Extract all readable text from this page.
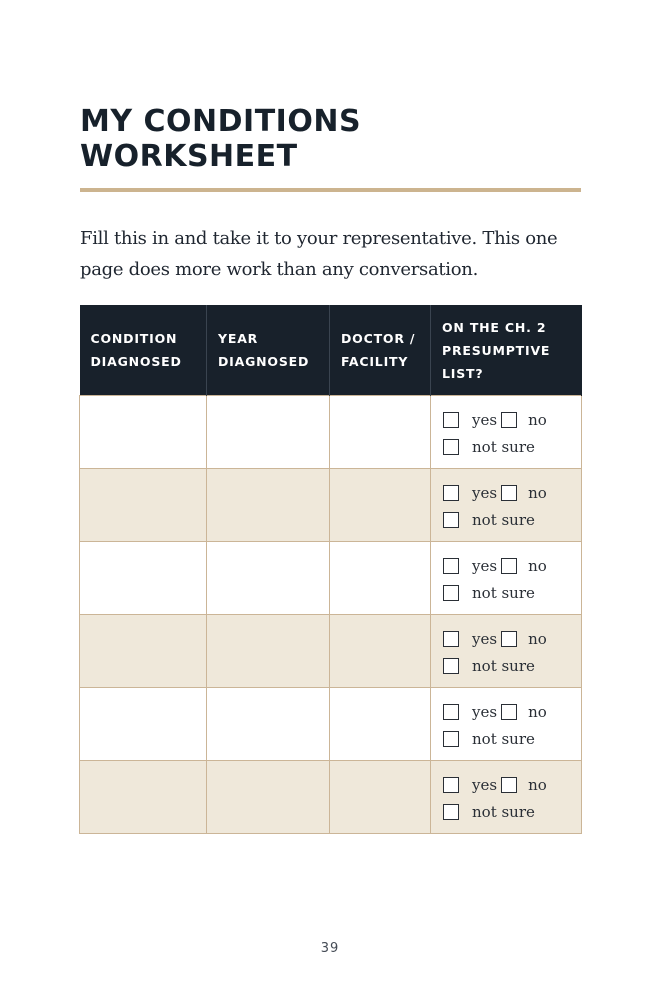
MY CONDITIONS WORKSHEET

Fill this in and take it to your representative. This one page does more work than any conversation.

CONDITION DIAGNOSED	YEAR DIAGNOSED	DOCTOR / FACILITY	ON THE CH. 2 PRESUMPTIVE LIST?

			yes no
not sure

			yes no
not sure

			yes no
not sure

			yes no
not sure

			yes no
not sure

			yes no
not sure
39
